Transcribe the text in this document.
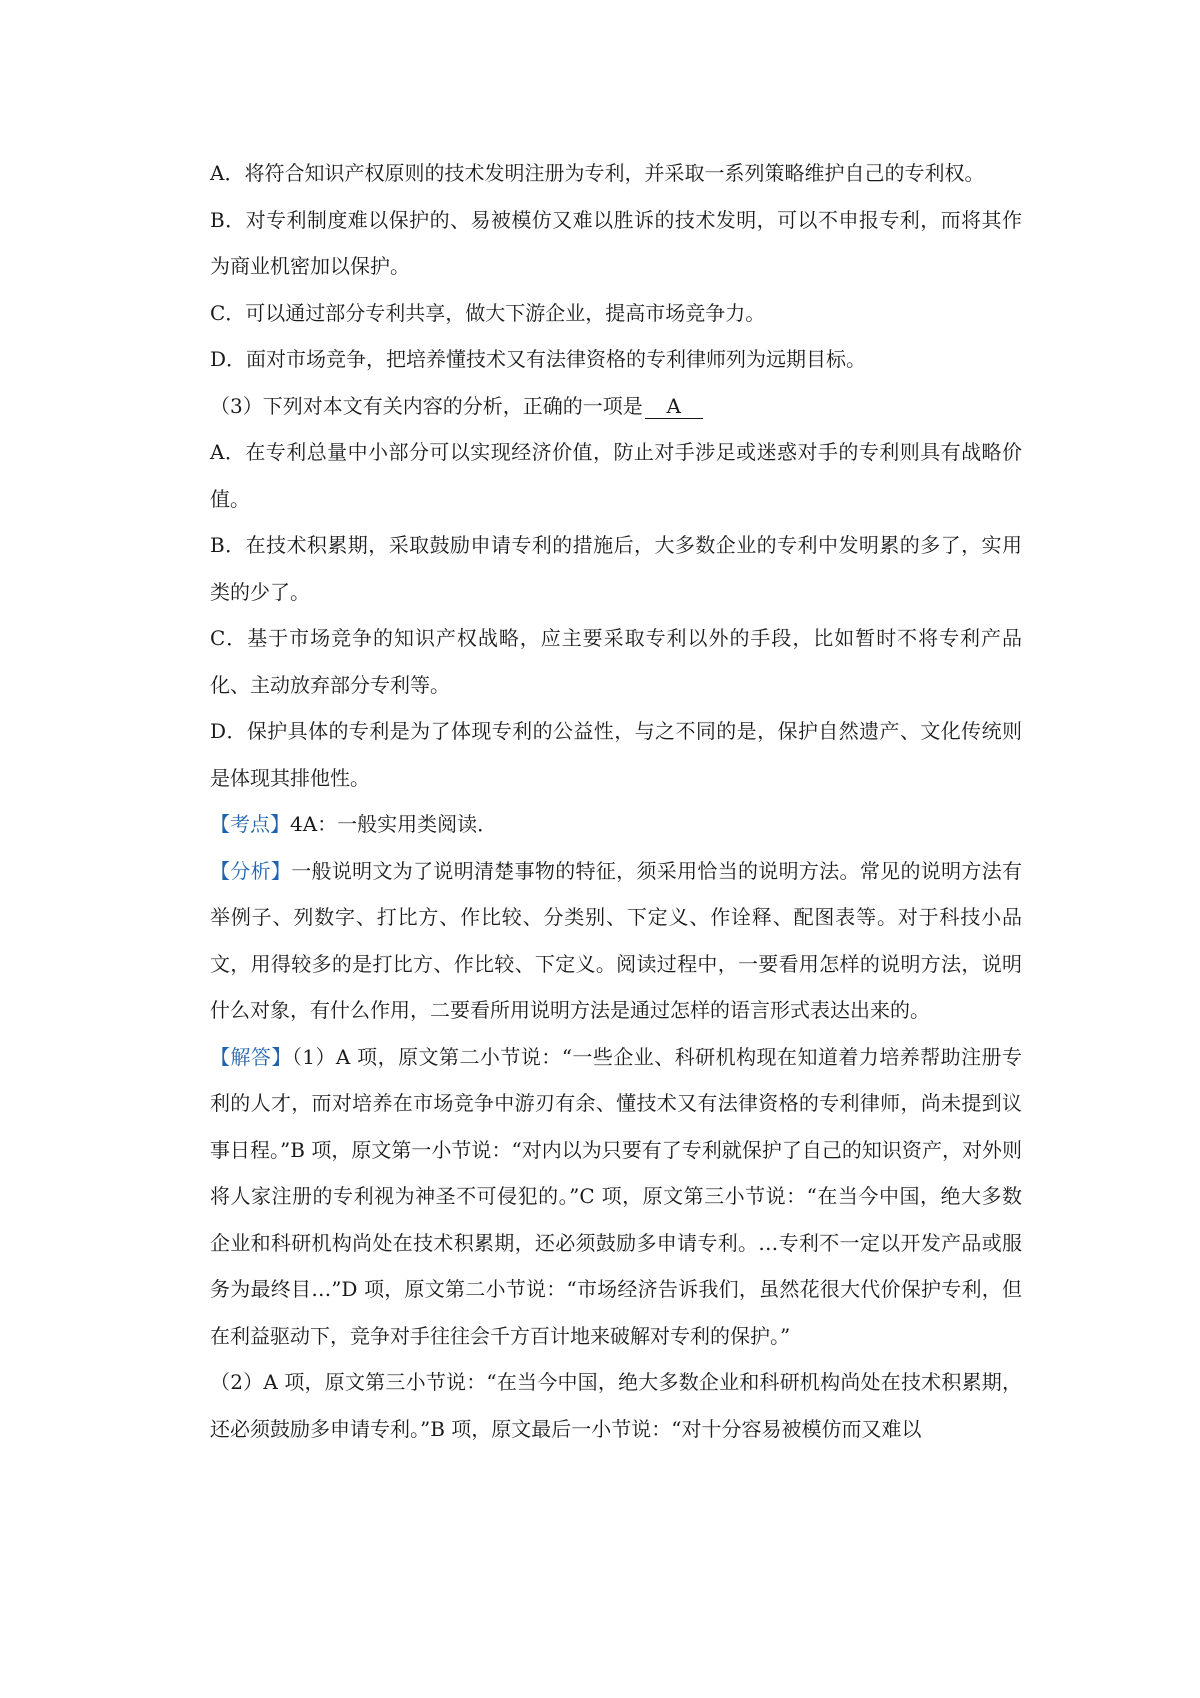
A．将符合知识产权原则的技术发明注册为专利，并采取一系列策略维护自己的专利权。

B．对专利制度难以保护的、易被模仿又难以胜诉的技术发明，可以不申报专利，而将其作为商业机密加以保护。

C．可以通过部分专利共享，做大下游企业，提高市场竞争力。

D．面对市场竞争，把培养懂技术又有法律资格的专利律师列为远期目标。

（3）下列对本文有关内容的分析，正确的一项是 A

A．在专利总量中小部分可以实现经济价值，防止对手涉足或迷惑对手的专利则具有战略价值。

B．在技术积累期，采取鼓励申请专利的措施后，大多数企业的专利中发明累的多了，实用类的少了。

C．基于市场竞争的知识产权战略，应主要采取专利以外的手段，比如暂时不将专利产品化、主动放弃部分专利等。

D．保护具体的专利是为了体现专利的公益性，与之不同的是，保护自然遗产、文化传统则是体现其排他性。

【考点】4A：一般实用类阅读．

【分析】一般说明文为了说明清楚事物的特征，须采用恰当的说明方法。常见的说明方法有举例子、列数字、打比方、作比较、分类别、下定义、作诠释、配图表等。对于科技小品文，用得较多的是打比方、作比较、下定义。阅读过程中，一要看用怎样的说明方法，说明什么对象，有什么作用，二要看所用说明方法是通过怎样的语言形式表达出来的。

【解答】（1）A 项，原文第二小节说：“一些企业、科研机构现在知道着力培养帮助注册专利的人才，而对培养在市场竞争中游刃有余、懂技术又有法律资格的专利律师，尚未提到议事日程。”B 项，原文第一小节说：“对内以为只要有了专利就保护了自己的知识资产，对外则将人家注册的专利视为神圣不可侵犯的。”C 项，原文第三小节说：“在当今中国，绝大多数企业和科研机构尚处在技术积累期，还必须鼓励多申请专利。…专利不一定以开发产品或服务为最终目…”D 项，原文第二小节说：“市场经济告诉我们，虽然花很大代价保护专利，但在利益驱动下，竞争对手往往会千方百计地来破解对专利的保护。”

（2）A 项，原文第三小节说：“在当今中国，绝大多数企业和科研机构尚处在技术积累期，还必须鼓励多申请专利。”B 项，原文最后一小节说：“对十分容易被模仿而又难以
